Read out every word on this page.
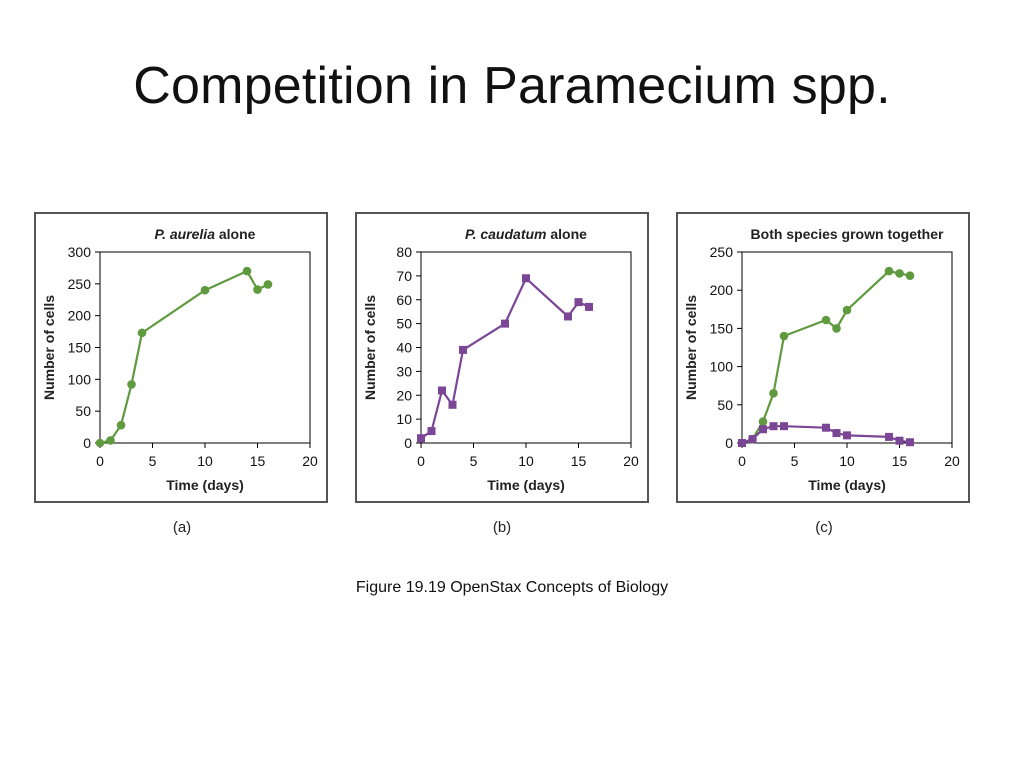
Competition in Paramecium spp.
P. aurelia alone
0
50
100
150
200
250
300
0	5	10	15	20
Time (days)
Number of cells
P. caudatum alone
0
10
20
30
40
50
60
70
80
0	5	10	15	20
Time (days)
Number of cells
Both species grown together
0
50
100
150
200
250
0	5	10	15	20
Time (days)
Number of cells
(a)	(b)	(c)
Figure 19.19 OpenStax Concepts of Biology
